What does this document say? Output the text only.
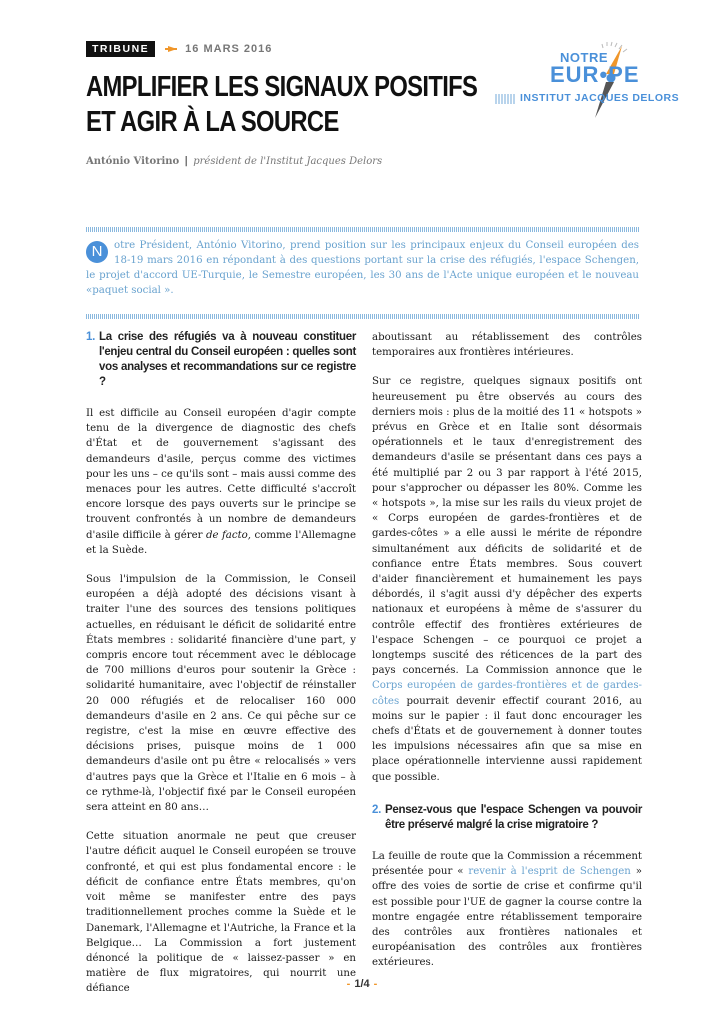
TRIBUNE	16 MARS 2016
AMPLIFIER LES SIGNAUX POSITIFS
ET AGIR À LA SOURCE
António Vitorino | président de l'Institut Jacques Delors
NOTRE
EUR•PE
INSTITUT JACQUES DELORS
N	otre Président, António Vitorino, prend position sur les principaux enjeux du Conseil européen des 18-19 mars 2016 en répondant à des questions portant sur la crise des réfugiés, l'espace Schengen, le projet d'accord UE-Turquie, le Semestre européen, les 30 ans de l'Acte unique européen et le nouveau «paquet social ».
1. La crise des réfugiés va à nouveau constituer l'enjeu central du Conseil européen : quelles sont vos analyses et recommandations sur ce registre ?

Il est difficile au Conseil européen d'agir compte tenu de la divergence de diagnostic des chefs d'État et de gouvernement s'agissant des demandeurs d'asile, perçus comme des victimes pour les uns – ce qu'ils sont – mais aussi comme des menaces pour les autres. Cette difficulté s'accroît encore lorsque des pays ouverts sur le principe se trouvent confrontés à un nombre de demandeurs d'asile difficile à gérer de facto, comme l'Allemagne et la Suède.

Sous l'impulsion de la Commission, le Conseil européen a déjà adopté des décisions visant à traiter l'une des sources des tensions politiques actuelles, en réduisant le déficit de solidarité entre États membres : solidarité financière d'une part, y compris encore tout récemment avec le déblocage de 700 millions d'euros pour soutenir la Grèce : solidarité humanitaire, avec l'objectif de réinstaller 20 000 réfugiés et de relocaliser 160 000 demandeurs d'asile en 2 ans. Ce qui pêche sur ce registre, c'est la mise en œuvre effective des décisions prises, puisque moins de 1 000 demandeurs d'asile ont pu être « relocalisés » vers d'autres pays que la Grèce et l'Italie en 6 mois – à ce rythme-là, l'objectif fixé par le Conseil européen sera atteint en 80 ans…

Cette situation anormale ne peut que creuser l'autre déficit auquel le Conseil européen se trouve confronté, et qui est plus fondamental encore : le déficit de confiance entre États membres, qu'on voit même se manifester entre des pays traditionnellement proches comme la Suède et le Danemark, l'Allemagne et l'Autriche, la France et la Belgique… La Commission a fort justement dénoncé la politique de « laissez-passer » en matière de flux migratoires, qui nourrit une défiance

aboutissant au rétablissement des contrôles temporaires aux frontières intérieures.

Sur ce registre, quelques signaux positifs ont heureusement pu être observés au cours des derniers mois : plus de la moitié des 11 « hotspots » prévus en Grèce et en Italie sont désormais opérationnels et le taux d'enregistrement des demandeurs d'asile se présentant dans ces pays a été multiplié par 2 ou 3 par rapport à l'été 2015, pour s'approcher ou dépasser les 80%. Comme les « hotspots », la mise sur les rails du vieux projet de « Corps européen de gardes-frontières et de gardes-côtes » a elle aussi le mérite de répondre simultanément aux déficits de solidarité et de confiance entre États membres. Sous couvert d'aider financièrement et humainement les pays débordés, il s'agit aussi d'y dépêcher des experts nationaux et européens à même de s'assurer du contrôle effectif des frontières extérieures de l'espace Schengen – ce pourquoi ce projet a longtemps suscité des réticences de la part des pays concernés. La Commission annonce que le Corps européen de gardes-frontières et de gardes-côtes pourrait devenir effectif courant 2016, au moins sur le papier : il faut donc encourager les chefs d'États et de gouvernement à donner toutes les impulsions nécessaires afin que sa mise en place opérationnelle intervienne aussi rapidement que possible.

2. Pensez-vous que l'espace Schengen va pouvoir être préservé malgré la crise migratoire ?

La feuille de route que la Commission a récemment présentée pour « revenir à l'esprit de Schengen » offre des voies de sortie de crise et confirme qu'il est possible pour l'UE de gagner la course contre la montre engagée entre rétablissement temporaire des contrôles aux frontières nationales et européanisation des contrôles aux frontières extérieures.

- 1/4 -
